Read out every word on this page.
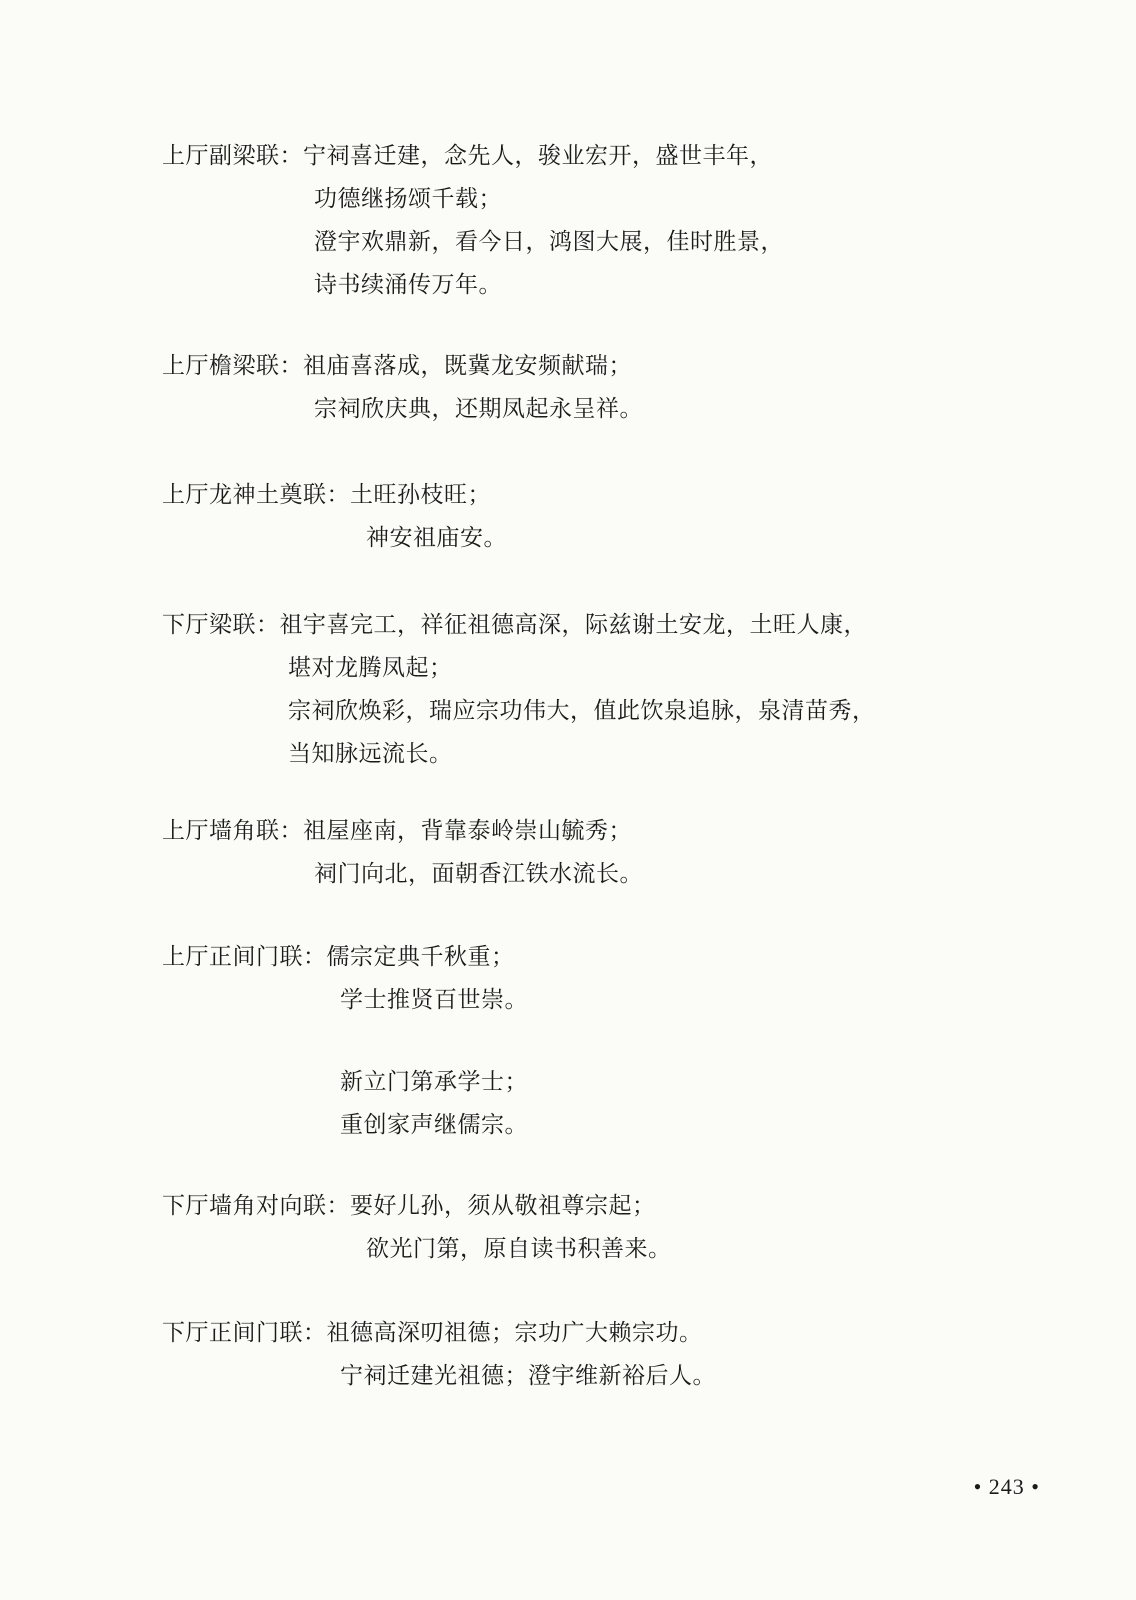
上厅副梁联：宁祠喜迁建，念先人，骏业宏开，盛世丰年，
功德继扬颂千载；
澄宇欢鼎新，看今日，鸿图大展，佳时胜景，
诗书续涌传万年。
上厅檐梁联：祖庙喜落成，既冀龙安频献瑞；
宗祠欣庆典，还期凤起永呈祥。
上厅龙神土奠联：土旺孙枝旺；
神安祖庙安。
下厅梁联：祖宇喜完工，祥征祖德高深，际兹谢土安龙，土旺人康，
堪对龙腾凤起；
宗祠欣焕彩，瑞应宗功伟大，值此饮泉追脉，泉清苗秀，
当知脉远流长。
上厅墙角联：祖屋座南，背靠泰岭崇山毓秀；
祠门向北，面朝香江铁水流长。
上厅正间门联：儒宗定典千秋重；
学士推贤百世崇。
新立门第承学士；
重创家声继儒宗。
下厅墙角对向联：要好儿孙，须从敬祖尊宗起；
欲光门第，原自读书积善来。
下厅正间门联：祖德高深叨祖德；宗功广大赖宗功。
宁祠迁建光祖德；澄宇维新裕后人。
• 243 •
